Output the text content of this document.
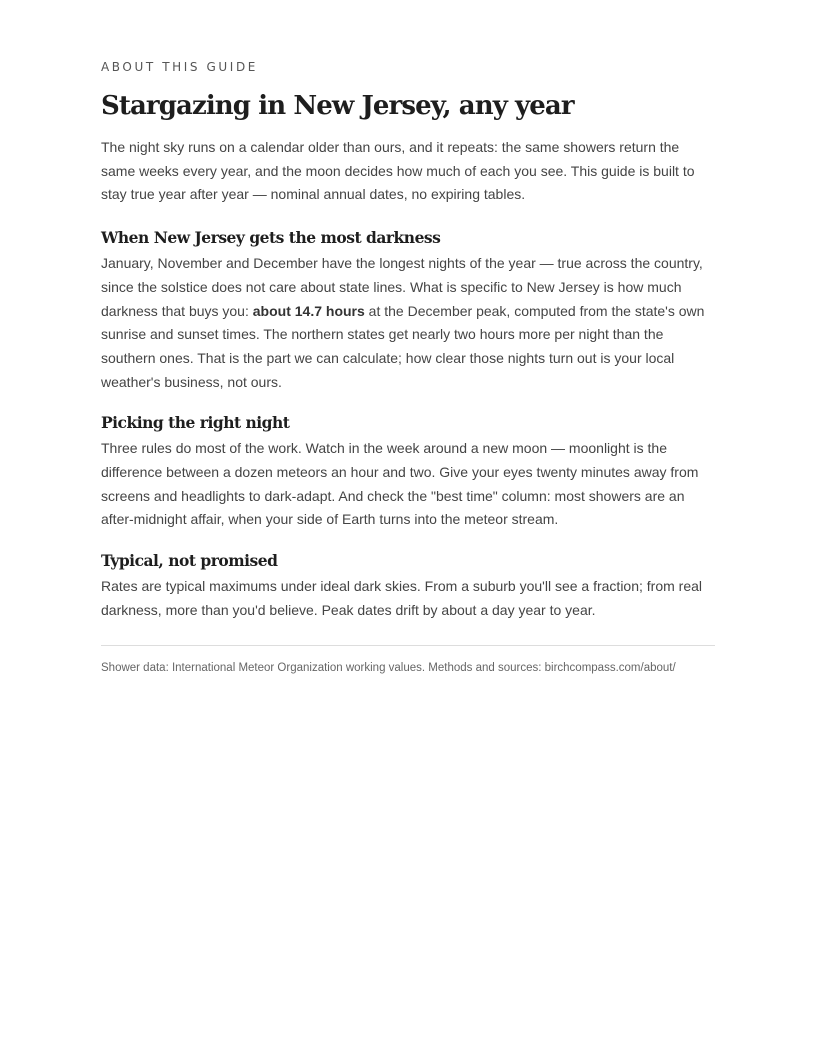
ABOUT THIS GUIDE
Stargazing in New Jersey, any year

The night sky runs on a calendar older than ours, and it repeats: the same showers return the same weeks every year, and the moon decides how much of each you see. This guide is built to stay true year after year — nominal annual dates, no expiring tables.

When New Jersey gets the most darkness

January, November and December have the longest nights of the year — true across the country, since the solstice does not care about state lines. What is specific to New Jersey is how much darkness that buys you: about 14.7 hours at the December peak, computed from the state's own sunrise and sunset times. The northern states get nearly two hours more per night than the southern ones. That is the part we can calculate; how clear those nights turn out is your local weather's business, not ours.

Picking the right night

Three rules do most of the work. Watch in the week around a new moon — moonlight is the difference between a dozen meteors an hour and two. Give your eyes twenty minutes away from screens and headlights to dark-adapt. And check the "best time" column: most showers are an after-midnight affair, when your side of Earth turns into the meteor stream.

Typical, not promised

Rates are typical maximums under ideal dark skies. From a suburb you'll see a fraction; from real darkness, more than you'd believe. Peak dates drift by about a day year to year.

Shower data: International Meteor Organization working values. Methods and sources: birchcompass.com/about/
